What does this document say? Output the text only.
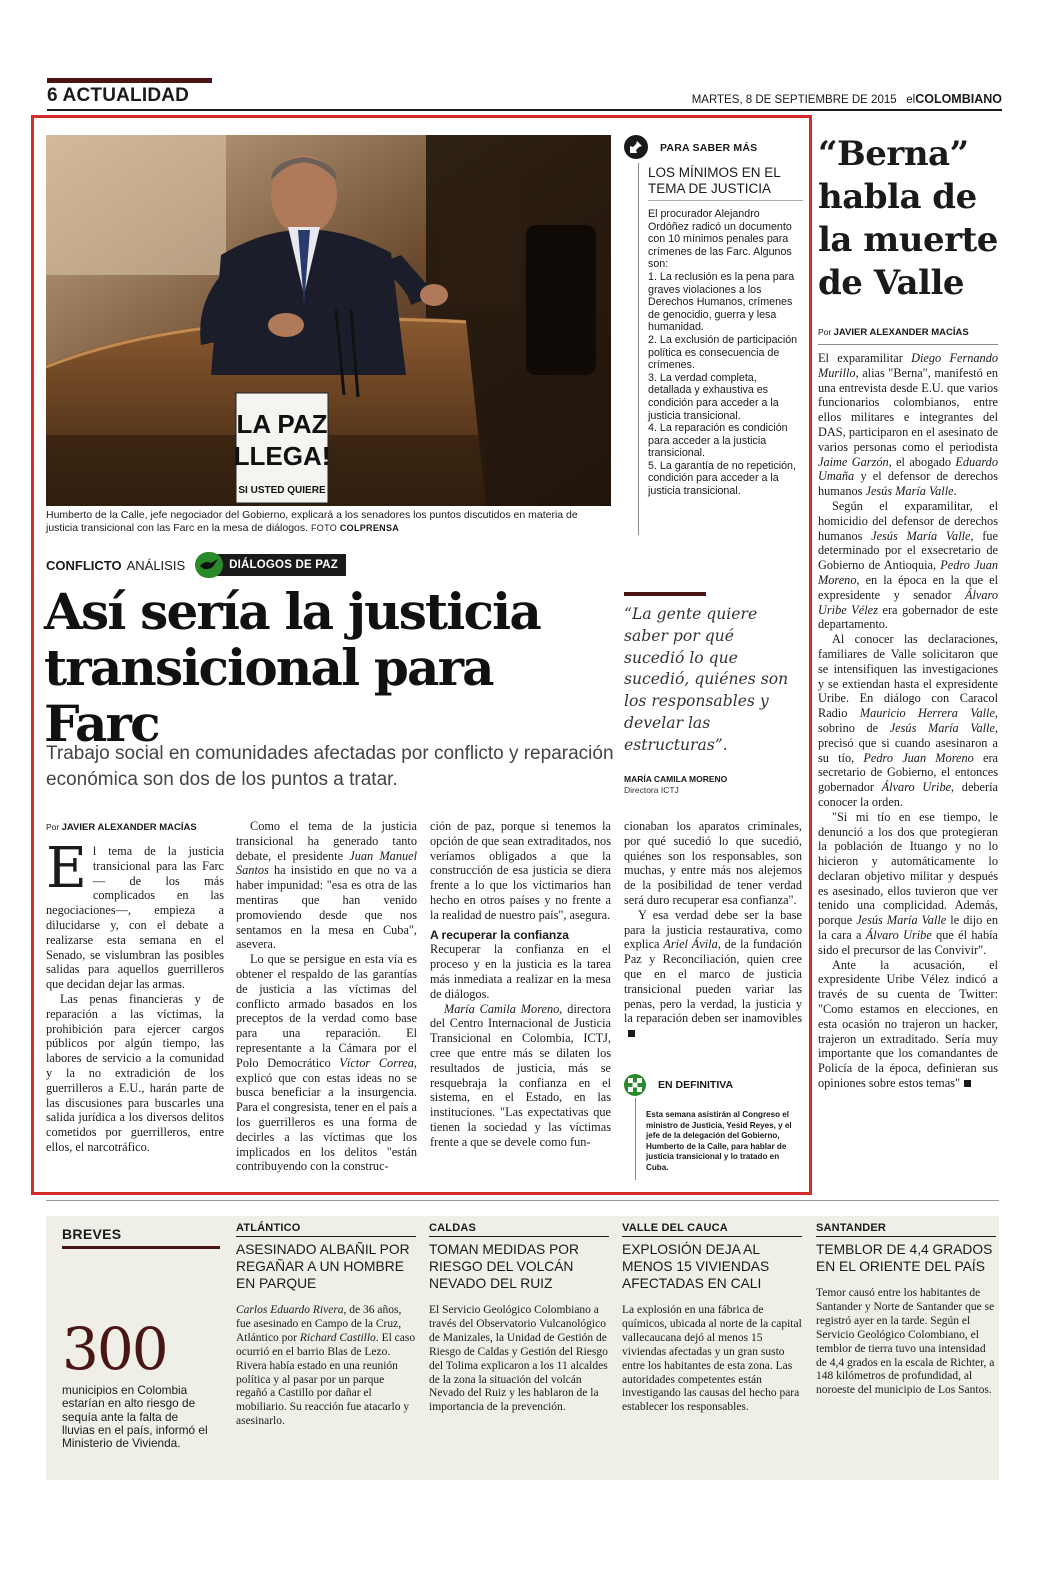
6 ACTUALIDAD	MARTES, 8 DE SEPTIEMBRE DE 2015 elCOLOMBIANO
LA PAZ
LLEGA!
SI USTED QUIERE
Humberto de la Calle, jefe negociador del Gobierno, explicará a los senadores los puntos discutidos en materia de justicia transicional con las Farc en la mesa de diálogos. FOTO COLPRENSA
CONFLICTO ANÁLISIS	DIÁLOGOS DE PAZ
Así sería la justicia transicional para Farc
Trabajo social en comunidades afectadas por conflicto y reparación económica son dos de los puntos a tratar.
Por JAVIER ALEXANDER MACÍAS

El tema de la justicia transicional para las Farc— de los más complicados en las negociaciones—, empieza a dilucidarse y, con el debate a realizarse esta semana en el Senado, se vislumbran las posibles salidas para aquellos guerrilleros que decidan dejar las armas.

Las penas financieras y de reparación a las víctimas, la prohibición para ejercer cargos públicos por algún tiempo, las labores de servicio a la comunidad y la no extradición de los guerrilleros a E.U., harán parte de las discusiones para buscarles una salida jurídica a los diversos delitos cometidos por guerrilleros, entre ellos, el narcotráfico.

Como el tema de la justicia transicional ha generado tanto debate, el presidente Juan Manuel Santos ha insistido en que no va a haber impunidad: "esa es otra de las mentiras que han venido promoviendo desde que nos sentamos en la mesa en Cuba", asevera.

Lo que se persigue en esta vía es obtener el respaldo de las garantías de justicia a las víctimas del conflicto armado basados en los preceptos de la verdad como base para una reparación. El representante a la Cámara por el Polo Democrático Víctor Correa, explicó que con estas ideas no se busca beneficiar a la insurgencia. Para el congresista, tener en el país a los guerrilleros es una forma de decirles a las víctimas que los implicados en los delitos "están contribuyendo con la construc-

ción de paz, porque si tenemos la opción de que sean extraditados, nos veríamos obligados a que la construcción de esa justicia se diera frente a lo que los victimarios han hecho en otros países y no frente a la realidad de nuestro país", asegura.

A recuperar la confianza

Recuperar la confianza en el proceso y en la justicia es la tarea más inmediata a realizar en la mesa de diálogos.

María Camila Moreno, directora del Centro Internacional de Justicia Transicional en Colombia, ICTJ, cree que entre más se dilaten los resultados de justicia, más se resquebraja la confianza en el sistema, en el Estado, en las instituciones. "Las expectativas que tienen la sociedad y las víctimas frente a que se devele como fun-

cionaban los aparatos criminales, por qué sucedió lo que sucedió, quiénes son los responsables, son muchas, y entre más nos alejemos de la posibilidad de tener verdad será duro recuperar esa confianza".

Y esa verdad debe ser la base para la justicia restaurativa, como explica Ariel Ávila, de la fundación Paz y Reconciliación, quien cree que en el marco de justicia transicional pueden variar las penas, pero la verdad, la justicia y la reparación deben ser inamovibles

PARA SABER MÁS
LOS MÍNIMOS EN EL TEMA DE JUSTICIA
El procurador Alejandro Ordóñez radicó un documento con 10 mínimos penales para crímenes de las Farc. Algunos son:
1. La reclusión es la pena para graves violaciones a los Derechos Humanos, crímenes de genocidio, guerra y lesa humanidad.
2. La exclusión de participación política es consecuencia de crímenes.
3. La verdad completa, detallada y exhaustiva es condición para acceder a la justicia transicional.
4. La reparación es condición para acceder a la justicia transicional.
5. La garantía de no repetición, condición para acceder a la justicia transicional.
“La gente quiere saber por qué sucedió lo que sucedió, quiénes son los responsables y develar las estructuras”.
MARÍA CAMILA MORENO
Directora ICTJ
EN DEFINITIVA
Esta semana asistirán al Congreso el ministro de Justicia, Yesid Reyes, y el jefe de la delegación del Gobierno, Humberto de la Calle, para hablar de justicia transicional y lo tratado en Cuba.
“Berna” habla de la muerte de Valle
Por JAVIER ALEXANDER MACÍAS

El exparamilitar Diego Fernando Murillo, alias "Berna", manifestó en una entrevista desde E.U. que varios funcionarios colombianos, entre ellos militares e integrantes del DAS, participaron en el asesinato de varios personas como el periodista Jaime Garzón, el abogado Eduardo Umaña y el defensor de derechos humanos Jesús María Valle.

Según el exparamilitar, el homicidio del defensor de derechos humanos Jesús María Valle, fue determinado por el exsecretario de Gobierno de Antioquia, Pedro Juan Moreno, en la época en la que el expresidente y senador Álvaro Uribe Vélez era gobernador de este departamento.

Al conocer las declaraciones, familiares de Valle solicitaron que se intensifiquen las investigaciones y se extiendan hasta el expresidente Uribe. En diálogo con Caracol Radio Mauricio Herrera Valle, sobrino de Jesús María Valle, precisó que si cuando asesinaron a su tío, Pedro Juan Moreno era secretario de Gobierno, el entonces gobernador Álvaro Uribe, debería conocer la orden.

"Si mi tío en ese tiempo, le denunció a los dos que protegieran la población de Ituango y no lo hicieron y automáticamente lo declaran objetivo militar y después es asesinado, ellos tuvieron que ver tenido una complicidad. Además, porque Jesús María Valle le dijo en la cara a Álvaro Uribe que él había sido el precursor de las Convivir".

Ante la acusación, el expresidente Uribe Vélez indicó a través de su cuenta de Twitter: "Como estamos en elecciones, en esta ocasión no trajeron un hacker, trajeron un extraditado. Sería muy importante que los comandantes de Policía de la época, definieran sus opiniones sobre estos temas"

BREVES
300
municipios en Colombia estarían en alto riesgo de sequía ante la falta de lluvias en el país, informó el Ministerio de Vivienda.
ATLÁNTICO
ASESINADO ALBAÑIL POR REGAÑAR A UN HOMBRE EN PARQUE
Carlos Eduardo Rivera, de 36 años, fue asesinado en Campo de la Cruz, Atlántico por Richard Castillo. El caso ocurrió en el barrio Blas de Lezo. Rivera había estado en una reunión política y al pasar por un parque regañó a Castillo por dañar el mobiliario. Su reacción fue atacarlo y asesinarlo.
CALDAS
TOMAN MEDIDAS POR RIESGO DEL VOLCÁN NEVADO DEL RUIZ
El Servicio Geológico Colombiano a través del Observatorio Vulcanológico de Manizales, la Unidad de Gestión de Riesgo de Caldas y Gestión del Riesgo del Tolima explicaron a los 11 alcaldes de la zona la situación del volcán Nevado del Ruiz y les hablaron de la importancia de la prevención.
VALLE DEL CAUCA
EXPLOSIÓN DEJA AL MENOS 15 VIVIENDAS AFECTADAS EN CALI
La explosión en una fábrica de químicos, ubicada al norte de la capital vallecaucana dejó al menos 15 viviendas afectadas y un gran susto entre los habitantes de esta zona. Las autoridades competentes están investigando las causas del hecho para establecer los responsables.
SANTANDER
TEMBLOR DE 4,4 GRADOS EN EL ORIENTE DEL PAÍS
Temor causó entre los habitantes de Santander y Norte de Santander que se registró ayer en la tarde. Según el Servicio Geológico Colombiano, el temblor de tierra tuvo una intensidad de 4,4 grados en la escala de Richter, a 148 kilómetros de profundidad, al noroeste del municipio de Los Santos.
